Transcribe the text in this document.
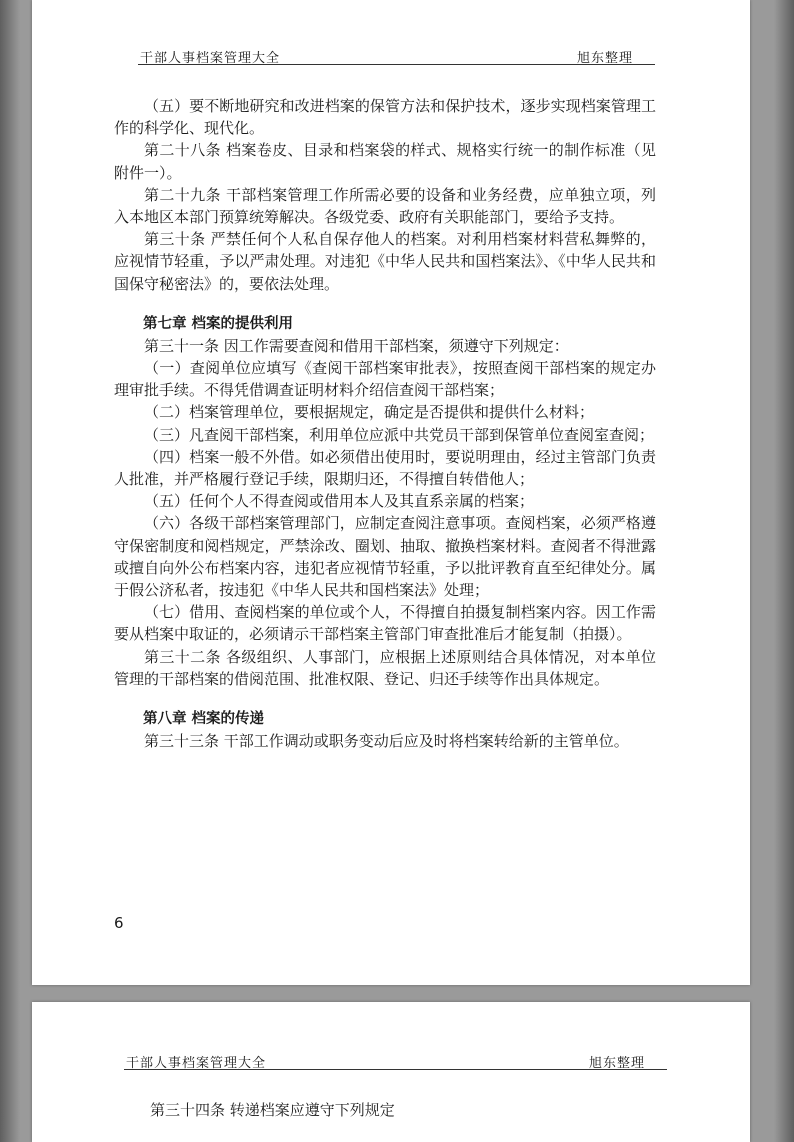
干部人事档案管理大全	旭东整理

（五）要不断地研究和改进档案的保管方法和保护技术，逐步实现档案管理工作的科学化、现代化。

第二十八条 档案卷皮、目录和档案袋的样式、规格实行统一的制作标准（见附件一）。

第二十九条 干部档案管理工作所需必要的设备和业务经费，应单独立项，列入本地区本部门预算统筹解决。各级党委、政府有关职能部门，要给予支持。

第三十条 严禁任何个人私自保存他人的档案。对利用档案材料营私舞弊的，应视情节轻重，予以严肃处理。对违犯《中华人民共和国档案法》、《中华人民共和国保守秘密法》的，要依法处理。

第七章 档案的提供利用

第三十一条 因工作需要查阅和借用干部档案，须遵守下列规定：

（一）查阅单位应填写《查阅干部档案审批表》，按照查阅干部档案的规定办理审批手续。不得凭借调查证明材料介绍信查阅干部档案；

（二）档案管理单位，要根据规定，确定是否提供和提供什么材料；

（三）凡查阅干部档案，利用单位应派中共党员干部到保管单位查阅室查阅；

（四）档案一般不外借。如必须借出使用时，要说明理由，经过主管部门负责人批准，并严格履行登记手续，限期归还，不得擅自转借他人；

（五）任何个人不得查阅或借用本人及其直系亲属的档案；

（六）各级干部档案管理部门，应制定查阅注意事项。查阅档案，必须严格遵守保密制度和阅档规定，严禁涂改、圈划、抽取、撤换档案材料。查阅者不得泄露或擅自向外公布档案内容，违犯者应视情节轻重，予以批评教育直至纪律处分。属于假公济私者，按违犯《中华人民共和国档案法》处理；

（七）借用、查阅档案的单位或个人，不得擅自拍摄复制档案内容。因工作需要从档案中取证的，必须请示干部档案主管部门审查批准后才能复制（拍摄）。

第三十二条 各级组织、人事部门，应根据上述原则结合具体情况，对本单位管理的干部档案的借阅范围、批准权限、登记、归还手续等作出具体规定。

第八章 档案的传递

第三十三条 干部工作调动或职务变动后应及时将档案转给新的主管单位。

6
第三十四条 转递档案应遵守下列规定
干部人事档案管理大全	旭东整理
